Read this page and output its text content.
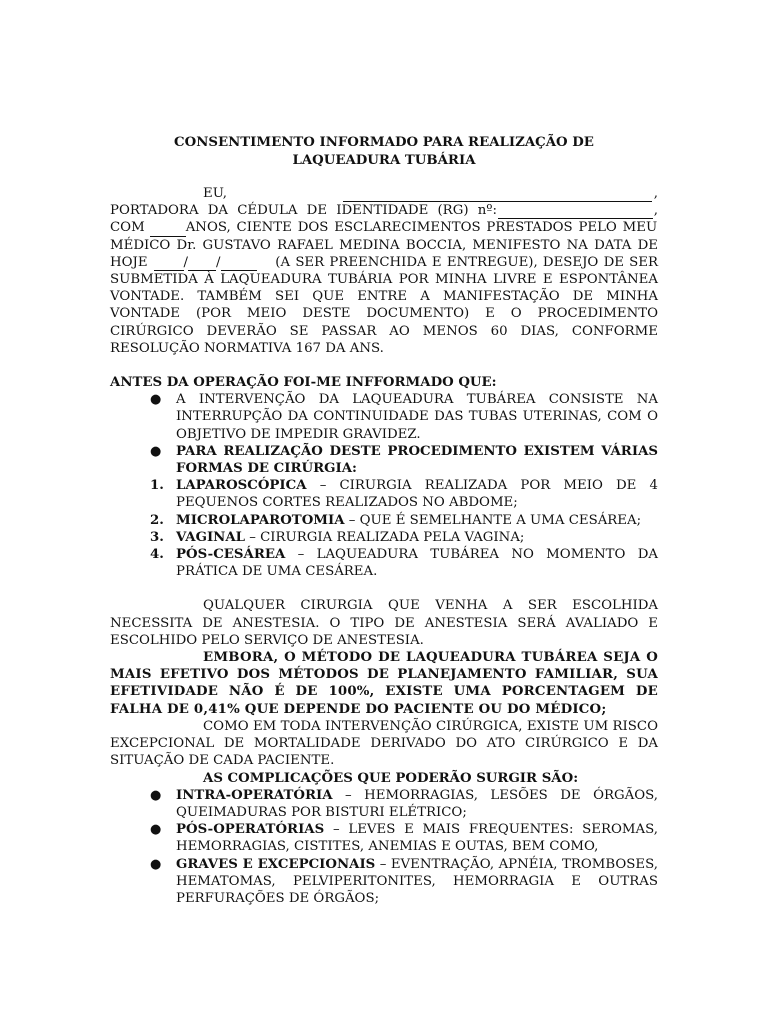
CONSENTIMENTO INFORMADO PARA REALIZAÇÃO DE

LAQUEADURA TUBÁRIA

EU,	,
PORTADORA DA CÉDULA DE IDENTIDADE (RG) nº:	,
COM	ANOS, CIENTE DOS ESCLARECIMENTOS PRESTADOS PELO MEU

MÉDICO Dr. GUSTAVO RAFAEL MEDINA BOCCIA, MENIFESTO NA DATA DE

HOJE	/ /	(A SER PREENCHIDA E ENTREGUE), DESEJO DE SER

SUBMETIDA À LAQUEADURA TUBÁRIA POR MINHA LIVRE E ESPONTÂNEA VONTADE. TAMBÉM SEI QUE ENTRE A MANIFESTAÇÃO DE MINHA VONTADE (POR MEIO DESTE DOCUMENTO) E O PROCEDIMENTO CIRÚRGICO DEVERÃO SE PASSAR AO MENOS 60 DIAS, CONFORME RESOLUÇÃO NORMATIVA 167 DA ANS.

ANTES DA OPERAÇÃO FOI-ME INFFORMADO QUE:

● A INTERVENÇÃO DA LAQUEADURA TUBÁREA CONSISTE NA INTERRUPÇÃO DA CONTINUIDADE DAS TUBAS UTERINAS, COM O OBJETIVO DE IMPEDIR GRAVIDEZ.
● PARA REALIZAÇÃO DESTE PROCEDIMENTO EXISTEM VÁRIAS FORMAS DE CIRÚRGIA:
1. LAPAROSCÓPICA – CIRURGIA REALIZADA POR MEIO DE 4 PEQUENOS CORTES REALIZADOS NO ABDOME;
2. MICROLAPAROTOMIA – QUE É SEMELHANTE A UMA CESÁREA;
3. VAGINAL – CIRURGIA REALIZADA PELA VAGINA;
4. PÓS-CESÁREA – LAQUEADURA TUBÁREA NO MOMENTO DA PRÁTICA DE UMA CESÁREA.

QUALQUER CIRURGIA QUE VENHA A SER ESCOLHIDA NECESSITA DE ANESTESIA. O TIPO DE ANESTESIA SERÁ AVALIADO E ESCOLHIDO PELO SERVIÇO DE ANESTESIA.

EMBORA, O MÉTODO DE LAQUEADURA TUBÁREA SEJA O MAIS EFETIVO DOS MÉTODOS DE PLANEJAMENTO FAMILIAR, SUA EFETIVIDADE NÃO É DE 100%, EXISTE UMA PORCENTAGEM DE FALHA DE 0,41% QUE DEPENDE DO PACIENTE OU DO MÉDICO;

COMO EM TODA INTERVENÇÃO CIRÚRGICA, EXISTE UM RISCO EXCEPCIONAL DE MORTALIDADE DERIVADO DO ATO CIRÚRGICO E DA SITUAÇÃO DE CADA PACIENTE.

AS COMPLICAÇÕES QUE PODERÃO SURGIR SÃO:

● INTRA-OPERATÓRIA – HEMORRAGIAS, LESÕES DE ÓRGÃOS, QUEIMADURAS POR BISTURI ELÉTRICO;
● PÓS-OPERATÓRIAS – LEVES E MAIS FREQUENTES: SEROMAS, HEMORRAGIAS, CISTITES, ANEMIAS E OUTAS, BEM COMO,
● GRAVES E EXCEPCIONAIS – EVENTRAÇÃO, APNÉIA, TROMBOSES, HEMATOMAS, PELVIPERITONITES, HEMORRAGIA E OUTRAS PERFURAÇÕES DE ÓRGÃOS;
